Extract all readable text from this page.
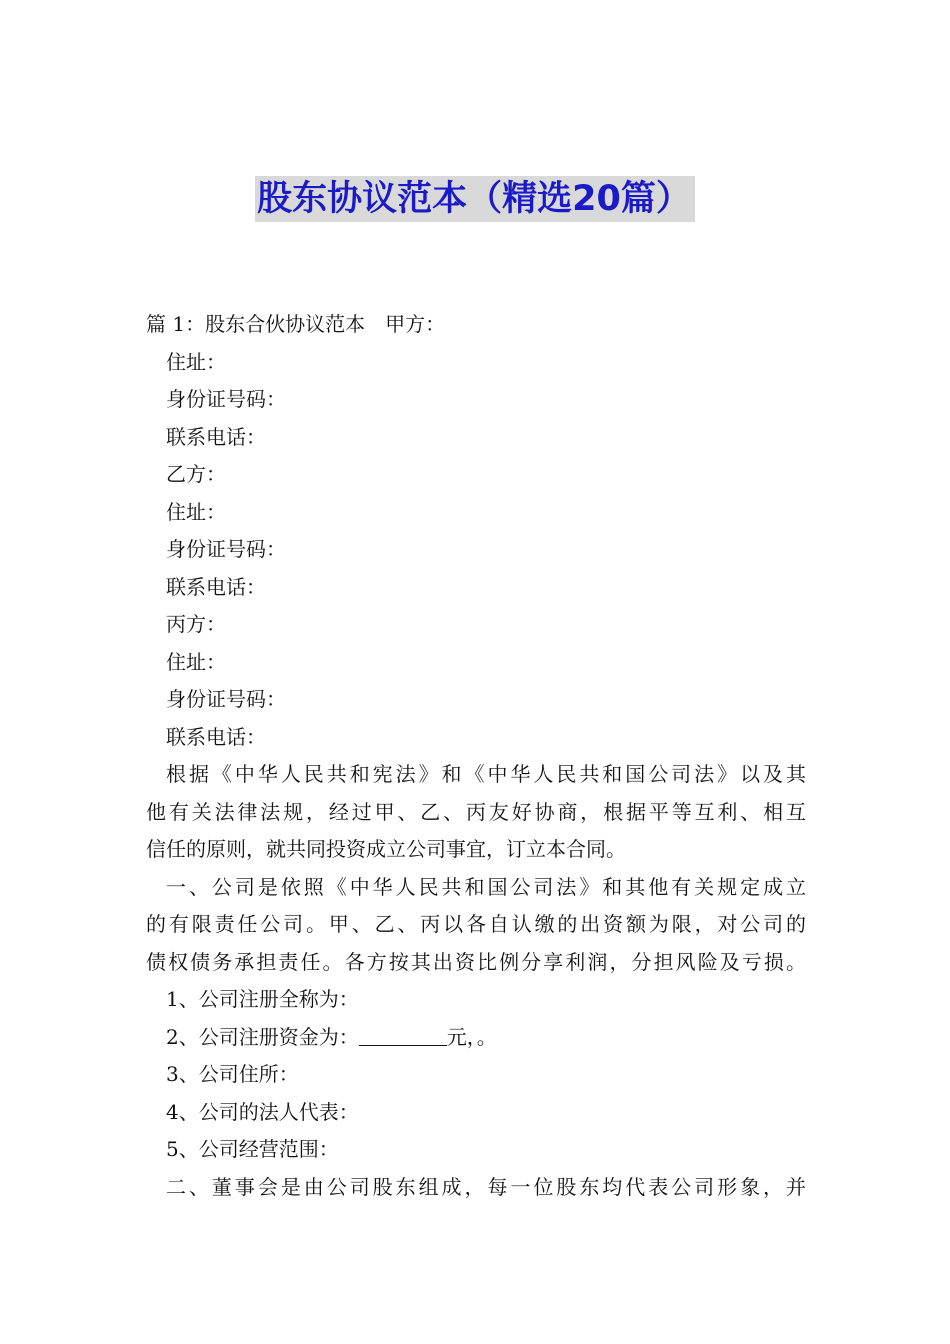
股东协议范本（精选20篇）
篇 1：股东合伙协议范本　甲方：
住址：
身份证号码：
联系电话：
乙方：
住址：
身份证号码：
联系电话：
丙方：
住址：
身份证号码：
联系电话：
根据《中华人民共和宪法》和《中华人民共和国公司法》以及其
他有关法律法规，经过甲、乙、丙友好协商，根据平等互利、相互
信任的原则，就共同投资成立公司事宜，订立本合同。
一、公司是依照《中华人民共和国公司法》和其他有关规定成立
的有限责任公司。甲、乙、丙以各自认缴的出资额为限，对公司的
债权债务承担责任。各方按其出资比例分享利润，分担风险及亏损。
1、公司注册全称为：
2、公司注册资金为：	元，。
3、公司住所：
4、公司的法人代表：
5、公司经营范围：
二、董事会是由公司股东组成，每一位股东均代表公司形象，并
